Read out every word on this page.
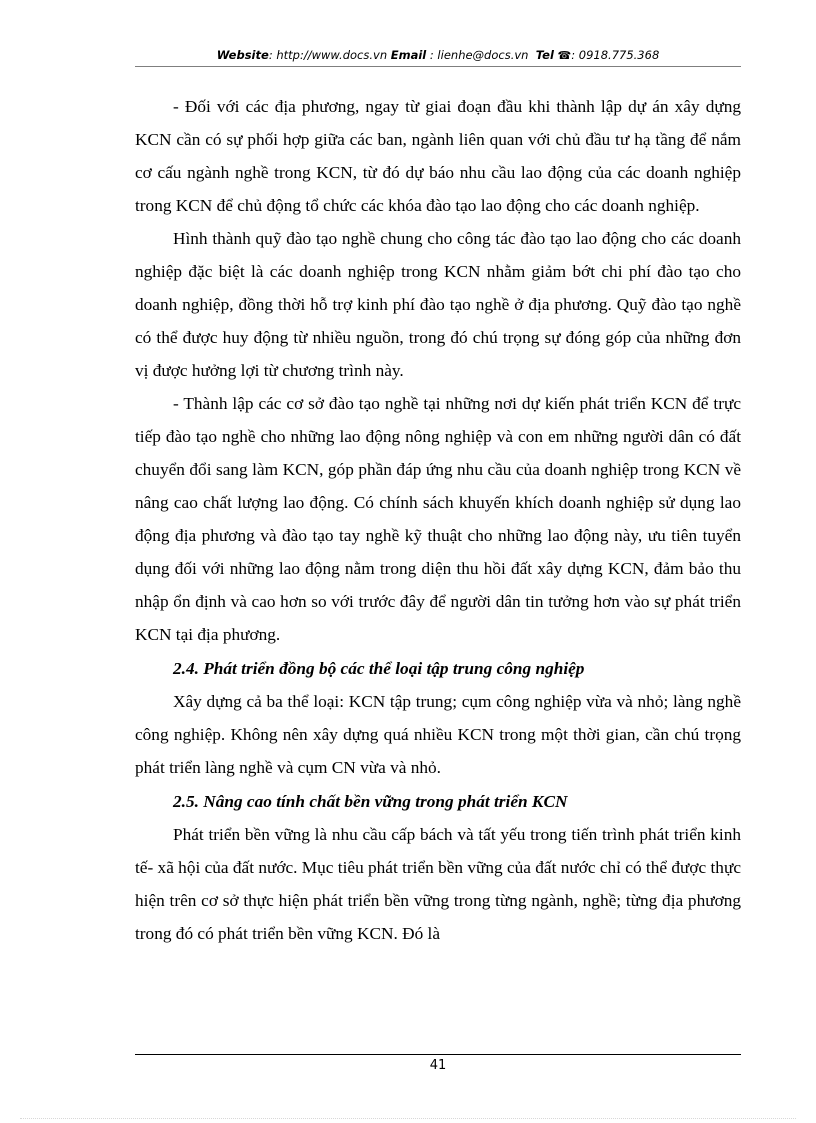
Website: http://www.docs.vn Email : lienhe@docs.vn Tel ☎: 0918.775.368

- Đối với các địa phương, ngay từ giai đoạn đầu khi thành lập dự án xây dựng KCN cần có sự phối hợp giữa các ban, ngành liên quan với chủ đầu tư hạ tầng để nắm cơ cấu ngành nghề trong KCN, từ đó dự báo nhu cầu lao động của các doanh nghiệp trong KCN để chủ động tổ chức các khóa đào tạo lao động cho các doanh nghiệp.

Hình thành quỹ đào tạo nghề chung cho công tác đào tạo lao động cho các doanh nghiệp đặc biệt là các doanh nghiệp trong KCN nhằm giảm bớt chi phí đào tạo cho doanh nghiệp, đồng thời hỗ trợ kinh phí đào tạo nghề ở địa phương. Quỹ đào tạo nghề có thể được huy động từ nhiều nguồn, trong đó chú trọng sự đóng góp của những đơn vị được hưởng lợi từ chương trình này.

- Thành lập các cơ sở đào tạo nghề tại những nơi dự kiến phát triển KCN để trực tiếp đào tạo nghề cho những lao động nông nghiệp và con em những người dân có đất chuyển đổi sang làm KCN, góp phần đáp ứng nhu cầu của doanh nghiệp trong KCN về nâng cao chất lượng lao động. Có chính sách khuyến khích doanh nghiệp sử dụng lao động địa phương và đào tạo tay nghề kỹ thuật cho những lao động này, ưu tiên tuyển dụng đối với những lao động nằm trong diện thu hồi đất xây dựng KCN, đảm bảo thu nhập ổn định và cao hơn so với trước đây để người dân tin tưởng hơn vào sự phát triển KCN tại địa phương.

2.4. Phát triển đồng bộ các thể loại tập trung công nghiệp

Xây dựng cả ba thể loại: KCN tập trung; cụm công nghiệp vừa và nhỏ; làng nghề công nghiệp. Không nên xây dựng quá nhiều KCN trong một thời gian, cần chú trọng phát triển làng nghề và cụm CN vừa và nhỏ.

2.5. Nâng cao tính chất bền vững trong phát triển KCN

Phát triển bền vững là nhu cầu cấp bách và tất yếu trong tiến trình phát triển kinh tế- xã hội của đất nước. Mục tiêu phát triển bền vững của đất nước chỉ có thể được thực hiện trên cơ sở thực hiện phát triển bền vững trong từng ngành, nghề; từng địa phương trong đó có phát triển bền vững KCN. Đó là

41
